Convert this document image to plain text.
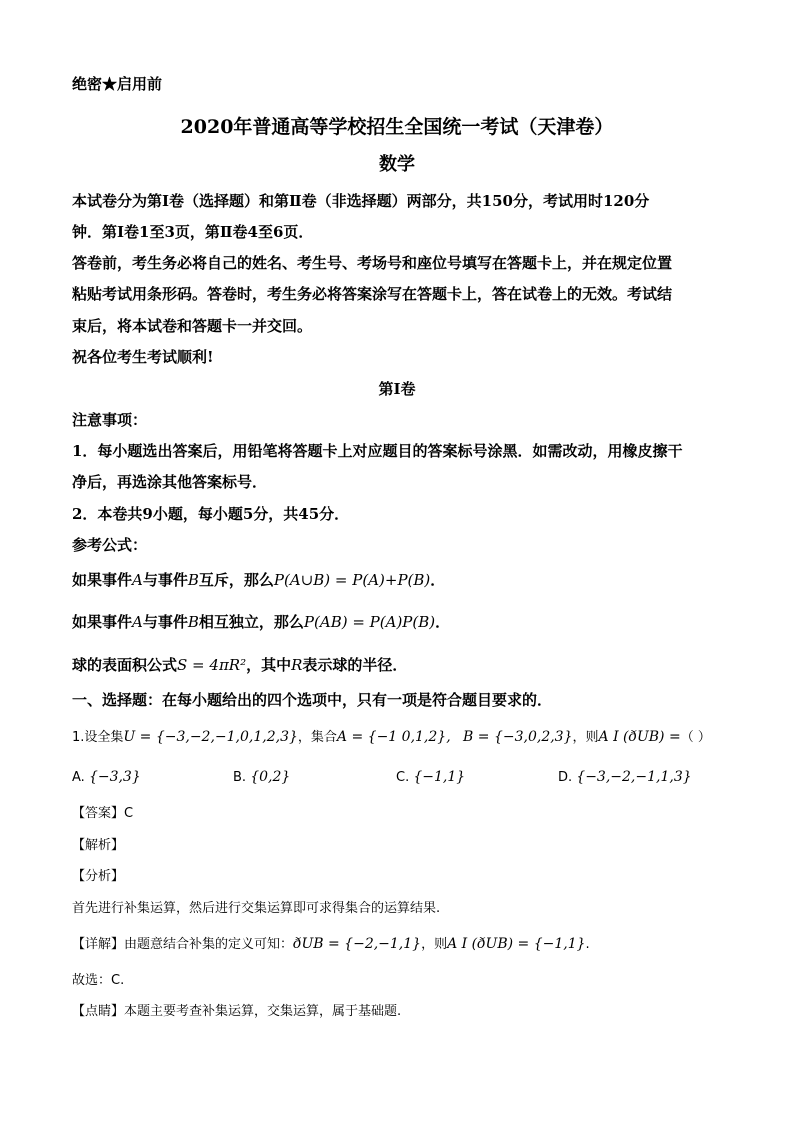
绝密★启用前
2020年普通高等学校招生全国统一考试（天津卷）
数学
本试卷分为第Ⅰ卷（选择题）和第Ⅱ卷（非选择题）两部分，共150分，考试用时120分
钟．第Ⅰ卷1至3页，第Ⅱ卷4至6页．
答卷前，考生务必将自己的姓名、考生号、考场号和座位号填写在答题卡上，并在规定位置
粘贴考试用条形码。答卷时，考生务必将答案涂写在答题卡上，答在试卷上的无效。考试结
束后，将本试卷和答题卡一并交回。
祝各位考生考试顺利!
第I卷
注意事项：
1．每小题选出答案后，用铅笔将答题卡上对应题目的答案标号涂黑．如需改动，用橡皮擦干
净后，再选涂其他答案标号．
2．本卷共9小题，每小题5分，共45分．
参考公式：
如果事件A与事件B互斥，那么P(A∪B) = P(A)+P(B)．
如果事件A与事件B相互独立，那么P(AB) = P(A)P(B)．
球的表面积公式S = 4πR²，其中R表示球的半径．
一、选择题：在每小题给出的四个选项中，只有一项是符合题目要求的．
1.设全集U = {−3,−2,−1,0,1,2,3}，集合A = {−1 0,1,2}, B = {−3,0,2,3}，则A I (ðUB) =（ ）
A. {−3,3}	B. {0,2}	C. {−1,1}	D. {−3,−2,−1,1,3}
【答案】C
【解析】
【分析】
首先进行补集运算，然后进行交集运算即可求得集合的运算结果.
【详解】由题意结合补集的定义可知：ðUB = {−2,−1,1}，则A I (ðUB) = {−1,1}.
故选：C.
【点睛】本题主要考查补集运算，交集运算，属于基础题.
